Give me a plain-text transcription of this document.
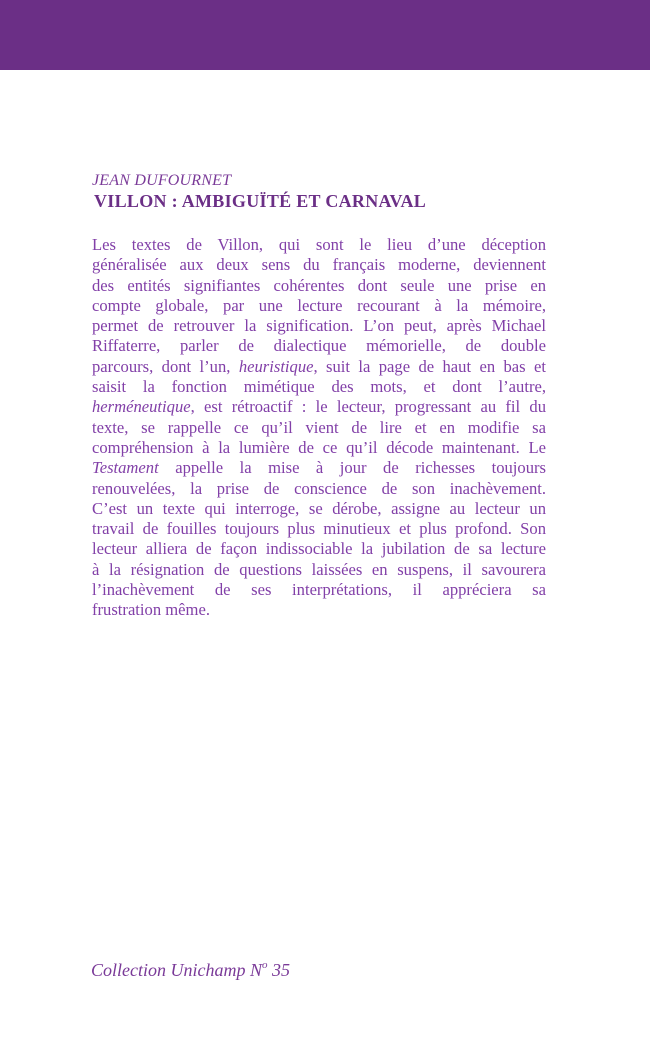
JEAN DUFOURNET
VILLON : AMBIGUÏTÉ ET CARNAVAL
Les textes de Villon, qui sont le lieu d’une déception
généralisée aux deux sens du français moderne, deviennent
des entités signifiantes cohérentes dont seule une prise en
compte globale, par une lecture recourant à la mémoire,
permet de retrouver la signification. L’on peut, après Michael
Riffaterre, parler de dialectique mémorielle, de double
parcours, dont l’un, heuristique, suit la page de haut en bas et
saisit la fonction mimétique des mots, et dont l’autre,
herméneutique, est rétroactif : le lecteur, progressant au fil du
texte, se rappelle ce qu’il vient de lire et en modifie sa
compréhension à la lumière de ce qu’il décode maintenant. Le
Testament appelle la mise à jour de richesses toujours
renouvelées, la prise de conscience de son inachèvement.
C’est un texte qui interroge, se dérobe, assigne au lecteur un
travail de fouilles toujours plus minutieux et plus profond. Son
lecteur alliera de façon indissociable la jubilation de sa lecture
à la résignation de questions laissées en suspens, il savourera
l’inachèvement de ses interprétations, il appréciera sa
frustration même.
Collection Unichamp $N^o$ 35
